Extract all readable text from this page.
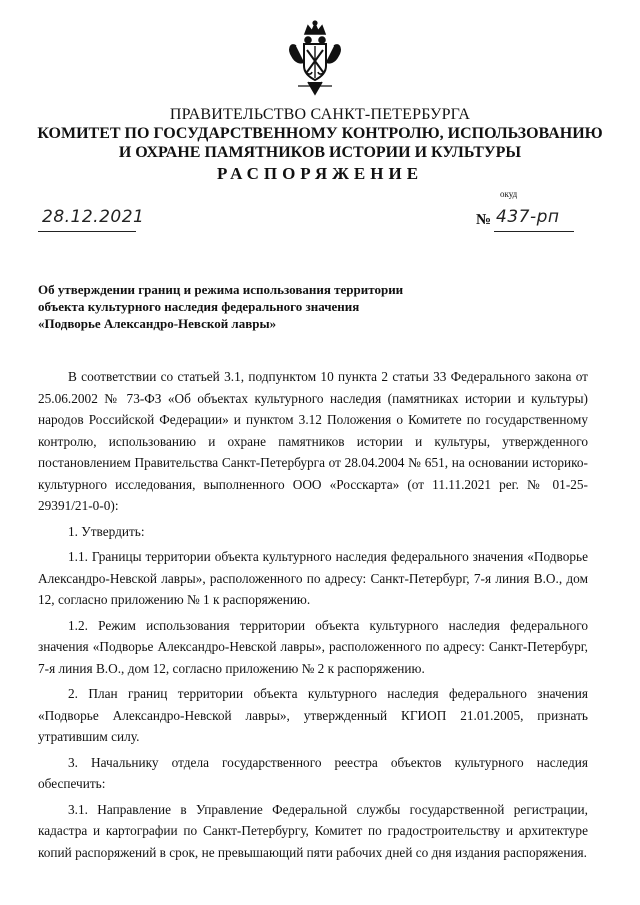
ПРАВИТЕЛЬСТВО САНКТ-ПЕТЕРБУРГА
КОМИТЕТ ПО ГОСУДАРСТВЕННОМУ КОНТРОЛЮ, ИСПОЛЬЗОВАНИЮ
И ОХРАНЕ ПАМЯТНИКОВ ИСТОРИИ И КУЛЬТУРЫ
РАСПОРЯЖЕНИЕ
окуд
28.12.2021	№ 437-рп
Об утверждении границ и режима использования территории
объекта культурного наследия федерального значения
«Подворье Александро-Невской лавры»

В соответствии со статьей 3.1, подпунктом 10 пункта 2 статьи 33 Федерального закона от 25.06.2002 № 73-ФЗ «Об объектах культурного наследия (памятниках истории и культуры) народов Российской Федерации» и пунктом 3.12 Положения о Комитете по государственному контролю, использованию и охране памятников истории и культуры, утвержденного постановлением Правительства Санкт-Петербурга от 28.04.2004 № 651, на основании историко-культурного исследования, выполненного ООО «Росскарта» (от 11.11.2021 рег. № 01-25-29391/21-0-0):

1. Утвердить:

1.1. Границы территории объекта культурного наследия федерального значения «Подворье Александро-Невской лавры», расположенного по адресу: Санкт-Петербург, 7-я линия В.О., дом 12, согласно приложению № 1 к распоряжению.

1.2. Режим использования территории объекта культурного наследия федерального значения «Подворье Александро-Невской лавры», расположенного по адресу: Санкт-Петербург, 7-я линия В.О., дом 12, согласно приложению № 2 к распоряжению.

2. План границ территории объекта культурного наследия федерального значения «Подворье Александро-Невской лавры», утвержденный КГИОП 21.01.2005, признать утратившим силу.

3. Начальнику отдела государственного реестра объектов культурного наследия обеспечить:

3.1. Направление в Управление Федеральной службы государственной регистрации, кадастра и картографии по Санкт-Петербургу, Комитет по градостроительству и архитектуре копий распоряжений в срок, не превышающий пяти рабочих дней со дня издания распоряжения.
